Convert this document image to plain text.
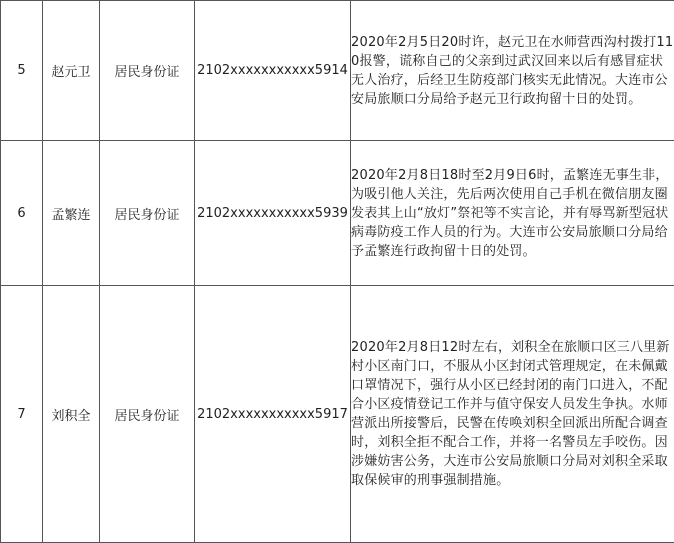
5	赵元卫	居民身份证	2102xxxxxxxxxxx5914	2020年2月5日20时许，赵元卫在水师营西沟村拨打110报警，谎称自己的父亲到过武汉回来以后有感冒症状无人治疗，后经卫生防疫部门核实无此情况。大连市公安局旅顺口分局给予赵元卫行政拘留十日的处罚。
6	孟繁连	居民身份证	2102xxxxxxxxxxx5939	2020年2月8日18时至2月9日6时，孟繁连无事生非，为吸引他人关注，先后两次使用自己手机在微信朋友圈发表其上山“放灯”祭祀等不实言论，并有辱骂新型冠状病毒防疫工作人员的行为。大连市公安局旅顺口分局给予孟繁连行政拘留十日的处罚。
7	刘积全	居民身份证	2102xxxxxxxxxxx5917	2020年2月8日12时左右，刘积全在旅顺口区三八里新村小区南门口，不服从小区封闭式管理规定，在未佩戴口罩情况下，强行从小区已经封闭的南门口进入，不配合小区疫情登记工作并与值守保安人员发生争执。水师营派出所接警后，民警在传唤刘积全回派出所配合调查时，刘积全拒不配合工作，并将一名警员左手咬伤。因涉嫌妨害公务，大连市公安局旅顺口分局对刘积全采取取保候审的刑事强制措施。
